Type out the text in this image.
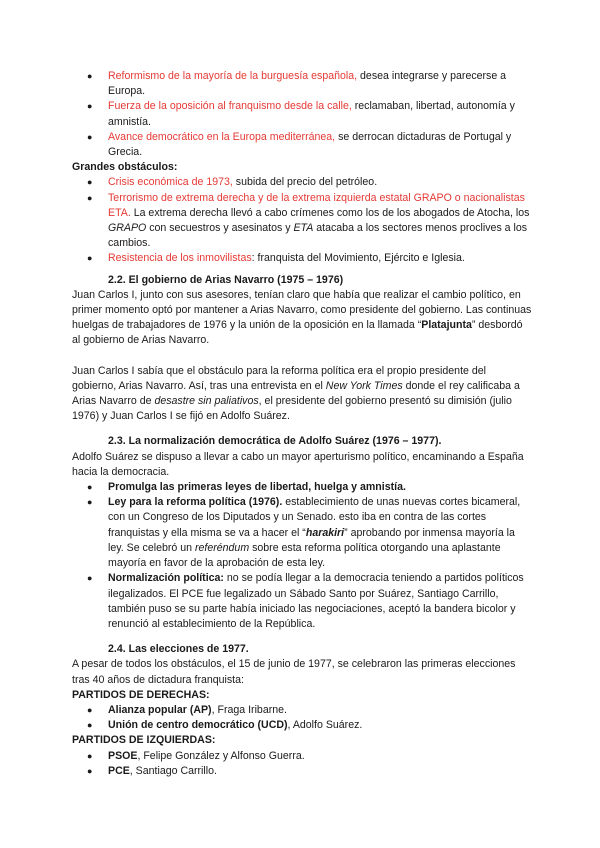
● Reformismo de la mayoría de la burguesía española, desea integrarse y parecerse a Europa.
● Fuerza de la oposición al franquismo desde la calle, reclamaban, libertad, autonomía y amnistía.
● Avance democrático en la Europa mediterránea, se derrocan dictaduras de Portugal y Grecia.

Grandes obstáculos:

● Crisis económica de 1973, subida del precio del petróleo.
● Terrorismo de extrema derecha y de la extrema izquierda estatal GRAPO o nacionalistas ETA. La extrema derecha llevó a cabo crímenes como los de los abogados de Atocha, los GRAPO con secuestros y asesinatos y ETA atacaba a los sectores menos proclives a los cambios.
● Resistencia de los inmovilistas: franquista del Movimiento, Ejército e Iglesia.

2.2. El gobierno de Arias Navarro (1975 – 1976)

Juan Carlos I, junto con sus asesores, tenían claro que había que realizar el cambio político, en primer momento optó por mantener a Arias Navarro, como presidente del gobierno. Las continuas huelgas de trabajadores de 1976 y la unión de la oposición en la llamada “Platajunta” desbordó al gobierno de Arias Navarro.

Juan Carlos I sabía que el obstáculo para la reforma política era el propio presidente del gobierno, Arias Navarro. Así, tras una entrevista en el New York Times donde el rey calificaba a Arias Navarro de desastre sin paliativos, el presidente del gobierno presentó su dimisión (julio 1976) y Juan Carlos I se fijó en Adolfo Suárez.

2.3. La normalización democrática de Adolfo Suárez (1976 – 1977).

Adolfo Suárez se dispuso a llevar a cabo un mayor aperturismo político, encaminando a España hacia la democracia.

● Promulga las primeras leyes de libertad, huelga y amnistía.
● Ley para la reforma política (1976). establecimiento de unas nuevas cortes bicameral, con un Congreso de los Diputados y un Senado. esto iba en contra de las cortes franquistas y ella misma se va a hacer el “harakiri” aprobando por inmensa mayoría la ley. Se celebró un referéndum sobre esta reforma política otorgando una aplastante mayoría en favor de la aprobación de esta ley.
● Normalización política: no se podía llegar a la democracia teniendo a partidos políticos ilegalizados. El PCE fue legalizado un Sábado Santo por Suárez, Santiago Carrillo, también puso se su parte había iniciado las negociaciones, aceptó la bandera bicolor y renunció al establecimiento de la República.

2.4. Las elecciones de 1977.

A pesar de todos los obstáculos, el 15 de junio de 1977, se celebraron las primeras elecciones tras 40 años de dictadura franquista:

PARTIDOS DE DERECHAS:

● Alianza popular (AP), Fraga Iribarne.
● Unión de centro democrático (UCD), Adolfo Suárez.

PARTIDOS DE IZQUIERDAS:

● PSOE, Felipe González y Alfonso Guerra.
● PCE, Santiago Carrillo.
